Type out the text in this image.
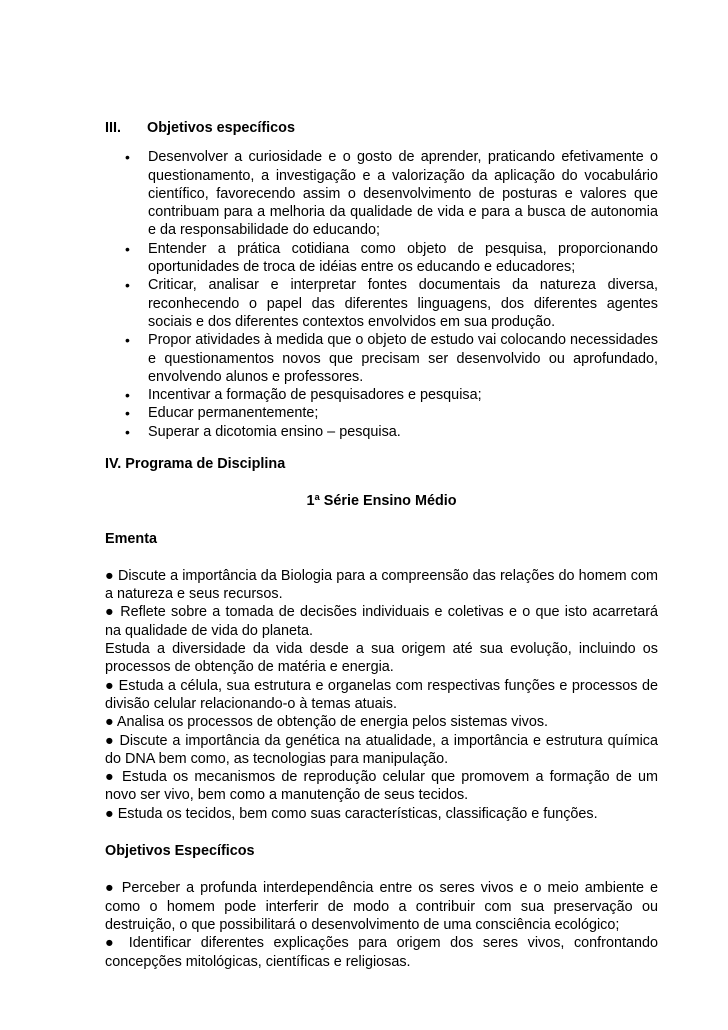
III.	Objetivos específicos
• Desenvolver a curiosidade e o gosto de aprender, praticando efetivamente o questionamento, a investigação e a valorização da aplicação do vocabulário científico, favorecendo assim o desenvolvimento de posturas e valores que contribuam para a melhoria da qualidade de vida e para a busca de autonomia e da responsabilidade do educando;
• Entender a prática cotidiana como objeto de pesquisa, proporcionando oportunidades de troca de idéias entre os educando e educadores;
• Criticar, analisar e interpretar fontes documentais da natureza diversa, reconhecendo o papel das diferentes linguagens, dos diferentes agentes sociais e dos diferentes contextos envolvidos em sua produção.
• Propor atividades à medida que o objeto de estudo vai colocando necessidades e questionamentos novos que precisam ser desenvolvido ou aprofundado, envolvendo alunos e professores.
• Incentivar a formação de pesquisadores e pesquisa;
• Educar permanentemente;
• Superar a dicotomia ensino – pesquisa.
IV. Programa de Disciplina
1ª Série Ensino Médio
Ementa

● Discute a importância da Biologia para a compreensão das relações do homem com a natureza e seus recursos.

● Reflete sobre a tomada de decisões individuais e coletivas e o que isto acarretará na qualidade de vida do planeta.

Estuda a diversidade da vida desde a sua origem até sua evolução, incluindo os processos de obtenção de matéria e energia.

● Estuda a célula, sua estrutura e organelas com respectivas funções e processos de divisão celular relacionando-o à temas atuais.

● Analisa os processos de obtenção de energia pelos sistemas vivos.

● Discute a importância da genética na atualidade, a importância e estrutura química do DNA bem como, as tecnologias para manipulação.

● Estuda os mecanismos de reprodução celular que promovem a formação de um novo ser vivo, bem como a manutenção de seus tecidos.

● Estuda os tecidos, bem como suas características, classificação e funções.

Objetivos Específicos

● Perceber a profunda interdependência entre os seres vivos e o meio ambiente e como o homem pode interferir de modo a contribuir com sua preservação ou destruição, o que possibilitará o desenvolvimento de uma consciência ecológico;

● Identificar diferentes explicações para origem dos seres vivos, confrontando concepções mitológicas, científicas e religiosas.
